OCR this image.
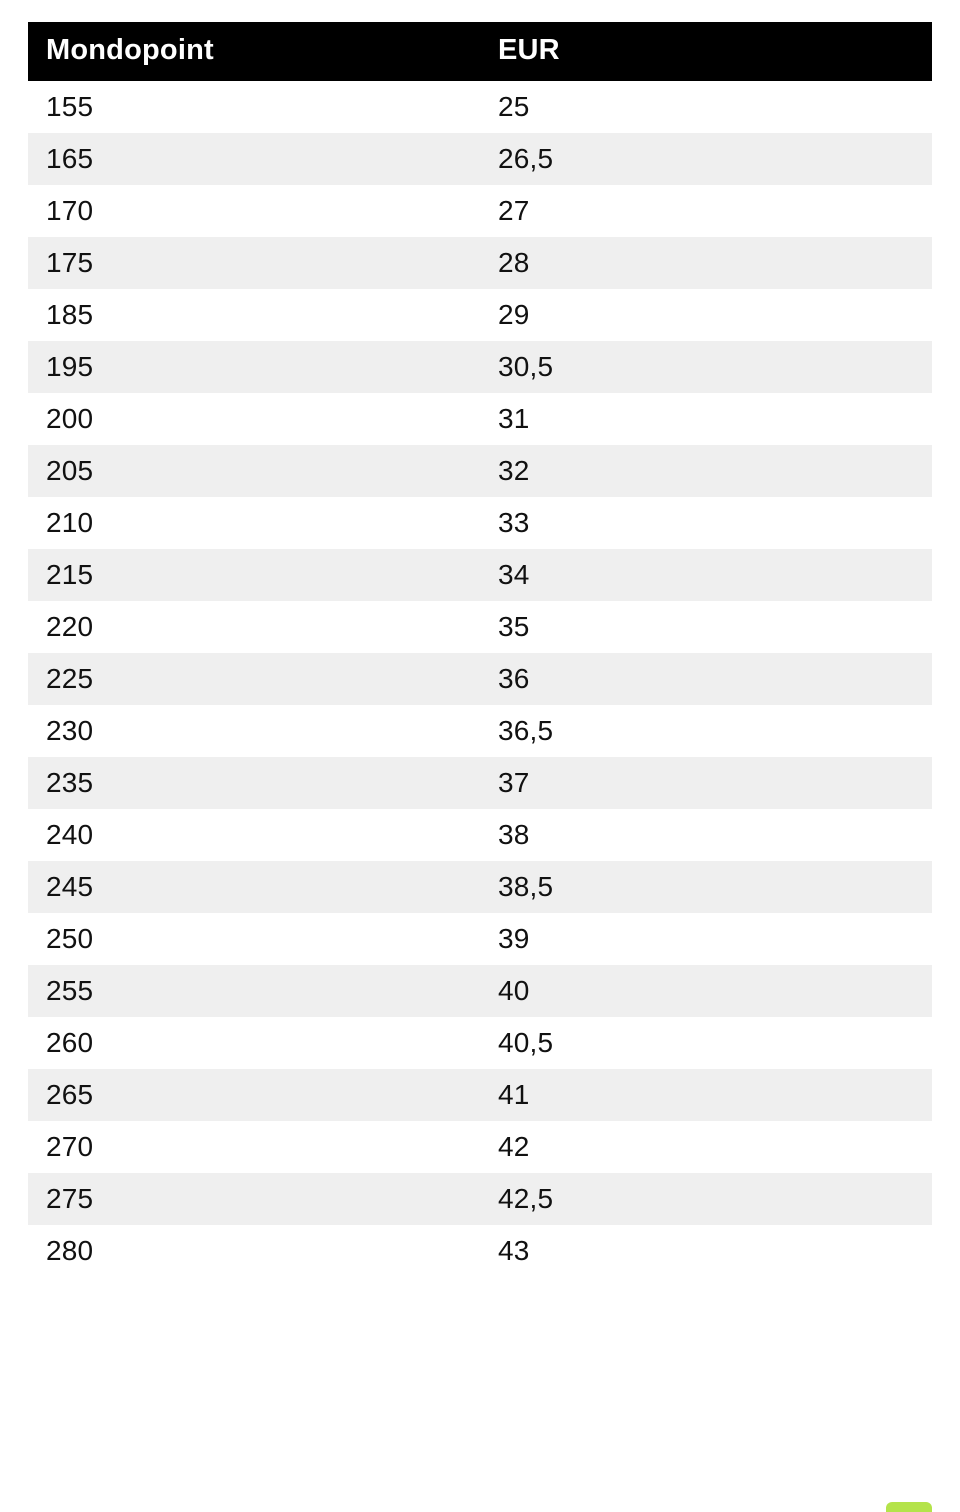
Mondopoint	EUR
155	25
165	26,5
170	27
175	28
185	29
195	30,5
200	31
205	32
210	33
215	34
220	35
225	36
230	36,5
235	37
240	38
245	38,5
250	39
255	40
260	40,5
265	41
270	42
275	42,5
280	43
